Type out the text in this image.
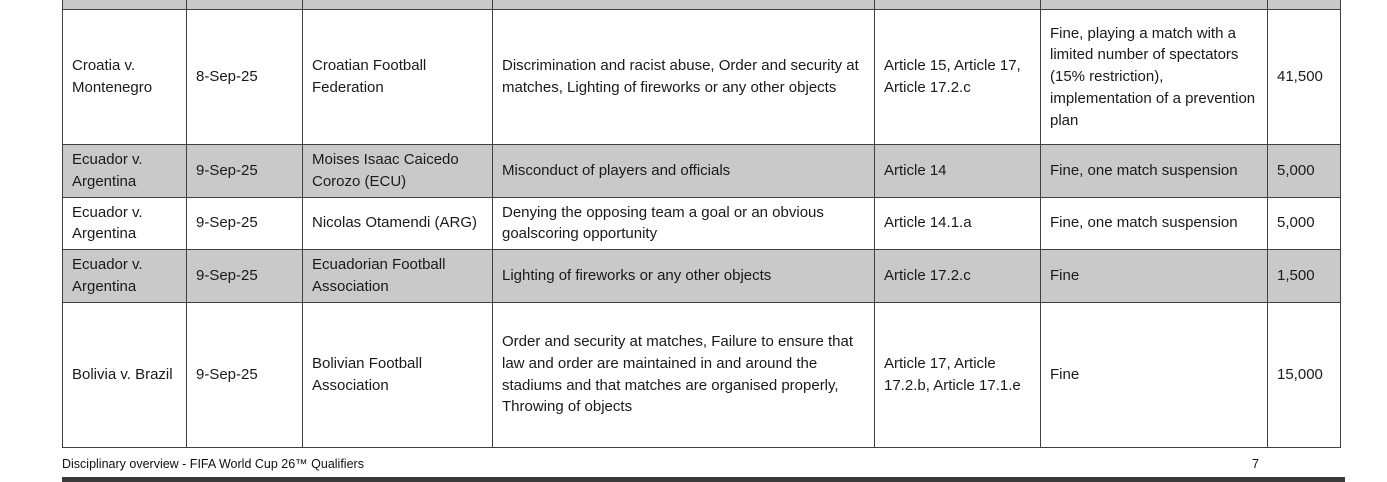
Croatia v. Montenegro	8-Sep-25	Croatian Football Federation	Discrimination and racist abuse, Order and security at matches, Lighting of fireworks or any other objects	Article 15, Article 17, Article 17.2.c	Fine, playing a match with a limited number of spectators (15% restriction), implementation of a prevention plan	41,500
Ecuador v. Argentina	9-Sep-25	Moises Isaac Caicedo Corozo (ECU)	Misconduct of players and officials	Article 14	Fine, one match suspension	5,000
Ecuador v. Argentina	9-Sep-25	Nicolas Otamendi (ARG)	Denying the opposing team a goal or an obvious goalscoring opportunity	Article 14.1.a	Fine, one match suspension	5,000
Ecuador v. Argentina	9-Sep-25	Ecuadorian Football Association	Lighting of fireworks or any other objects	Article 17.2.c	Fine	1,500
Bolivia v. Brazil	9-Sep-25	Bolivian Football Association	Order and security at matches, Failure to ensure that law and order are maintained in and around the stadiums and that matches are organised properly, Throwing of objects	Article 17, Article 17.2.b, Article 17.1.e	Fine	15,000
Disciplinary overview - FIFA World Cup 26™ Qualifiers	7
